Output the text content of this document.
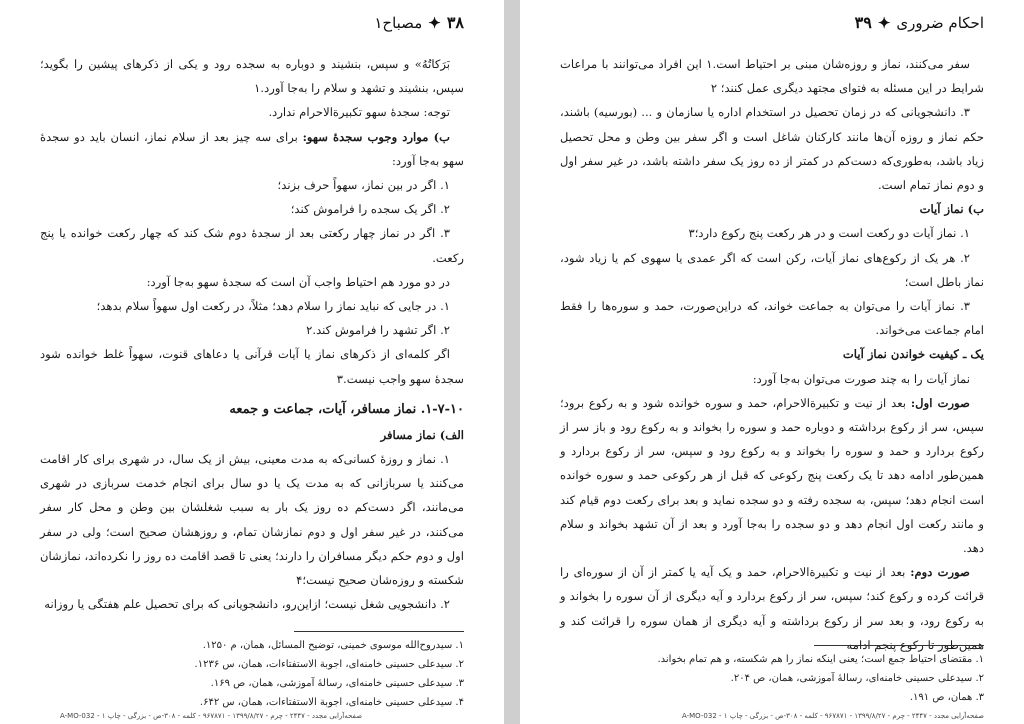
۳۸✦مصباح۱

بَرَکاتُهُ» و سپس، بنشیند و دوباره به سجده رود و یکی از ذکرهای پیشین را بگوید؛ سپس، بنشیند و تشهد و سلام را به‌جا آورد.۱

توجه: سجدهٔ سهو تکبیرة‌الاحرام ندارد.

ب) موارد وجوب سجدهٔ سهو: برای سه چیز بعد از سلام نماز، انسان باید دو سجدهٔ سهو به‌جا آورد:

۱. اگر در بین نماز، سهواً حرف بزند؛

۲. اگر یک سجده را فراموش کند؛

۳. اگر در نماز چهار رکعتی بعد از سجدهٔ دوم شک کند که چهار رکعت خوانده یا پنج رکعت.

در دو مورد هم احتیاط واجب آن است که سجدهٔ سهو به‌جا آورد:

۱. در جایی که نباید نماز را سلام دهد؛ مثلاً، در رکعت اول سهواً سلام بدهد؛

۲. اگر تشهد را فراموش کند.۲

اگر کلمه‌ای از ذکرهای نماز یا آیات قرآنی یا دعاهای قنوت، سهواً غلط خوانده شود سجدهٔ سهو واجب نیست.۳

۱-۷-۱۰. نماز مسافر، آیات، جماعت و جمعه

الف) نماز مسافر

۱. نماز و روزهٔ کسانی‌که به مدت معینی، بیش از یک سال، در شهری برای کار اقامت می‌کنند یا سربازانی که به مدت یک یا دو سال برای انجام خدمت سربازی در شهری می‌مانند، اگر دست‌کم ده روز یک بار به سبب شغلشان بین وطن و محل کار سفر می‌کنند، در غیر سفر اول و دوم نمازشان تمام، و روزهشان صحیح است؛ ولی در سفر اول و دوم حکم دیگر مسافران را دارند؛ یعنی تا قصد اقامت ده روز را نکرده‌اند، نمازشان شکسته و روزه‌شان صحیح نیست؛۴

۲. دانشجویی شغل نیست؛ ازاین‌رو، دانشجویانی که برای تحصیل علم هفتگی یا روزانه

۱. سیدروح‌الله موسوی خمینی، توضیح المسائل، همان، م ۱۲۵۰.

۲. سیدعلی حسینی خامنه‌ای، اجوبة الاستفتاءات، همان، س ۱۲۳۶.

۳. سیدعلی حسینی خامنه‌ای، رسالهٔ آموزشی، همان، ص ۱۶۹.

۴. سیدعلی حسینی خامنه‌ای، اجوبة الاستفتاءات، همان، س ۶۴۲.

صفحه‌آرایی مجدد - ۲۴۴۷ - چرم - ۱۳۹۹/۸/۲۷ - ۹۶۷۸۷۱ - کلمه - ۳۰۸-ص - بزرگی - چاپ ۱ - A-MO-032
احکام ضروری✦۳۹

سفر می‌کنند، نماز و روزه‌شان مبنی بر احتیاط است.۱ این افراد می‌توانند با مراعات شرایط در این مسئله به فتوای مجتهد دیگری عمل کنند؛ ۲

۳. دانشجویانی که در زمان تحصیل در استخدام اداره یا سازمان و ... (بورسیه) باشند، حکم نماز و روزه آن‌ها مانند کارکنان شاغل است و اگر سفر بین وطن و محل تحصیل زیاد باشد، به‌طوری‌که دست‌کم در کمتر از ده روز یک سفر داشته باشد، در غیر سفر اول و دوم نماز تمام است.

ب) نماز آیات

۱. نماز آیات دو رکعت است و در هر رکعت پنج رکوع دارد؛۳

۲. هر یک از رکوع‌های نماز آیات، رکن است که اگر عمدی یا سهوی کم یا زیاد شود، نماز باطل است؛

۳. نماز آیات را می‌توان به جماعت خواند، که دراین‌صورت، حمد و سوره‌ها را فقط امام جماعت می‌خواند.

یک ـ کیفیت خواندن نماز آیات

نماز آیات را به چند صورت می‌توان به‌جا آورد:

صورت اول: بعد از نیت و تکبیرة‌الاحرام، حمد و سوره خوانده شود و به رکوع برود؛ سپس، سر از رکوع برداشته و دوباره حمد و سوره را بخواند و به رکوع رود و باز سر از رکوع بردارد و حمد و سوره را بخواند و به رکوع رود و سپس، سر از رکوع بردارد و همین‌طور ادامه دهد تا یک رکعت پنج رکوعی که قبل از هر رکوعی حمد و سوره خوانده است انجام دهد؛ سپس، به سجده رفته و دو سجده نماید و بعد برای رکعت دوم قیام کند و مانند رکعت اول انجام دهد و دو سجده را به‌جا آورد و بعد از آن تشهد بخواند و سلام دهد.

صورت دوم: بعد از نیت و تکبیرة‌الاحرام، حمد و یک آیه یا کمتر از آن از سوره‌ای را قرائت کرده و رکوع کند؛ سپس، سر از رکوع بردارد و آیه دیگری از آن سوره را بخواند و به رکوع رود، و بعد سر از رکوع برداشته و آیه دیگری از همان سوره را قرائت کند و همین‌طور تا رکوع پنجم ادامه

۱. مقتضای احتیاط جمع است؛ یعنی اینکه نماز را هم شکسته، و هم تمام بخواند.

۲. سیدعلی حسینی خامنه‌ای، رسالهٔ آموزشی، همان، ص ۲۰۴.

۳. همان، ص ۱۹۱.

صفحه‌آرایی مجدد - ۲۴۴۷ - چرم - ۱۳۹۹/۸/۲۷ - ۹۶۷۸۷۱ - کلمه - ۳۰۸-ص - بزرگی - چاپ ۱ - A-MO-032
